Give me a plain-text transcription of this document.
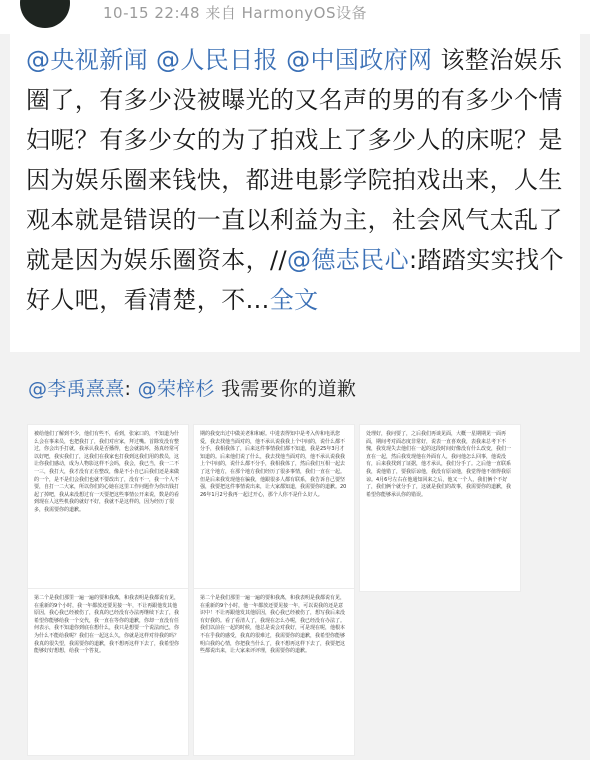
10-15 22:48 来自 HarmonyOS设备
@央视新闻 @人民日报 @中国政府网 该整治娱乐圈了，有多少没被曝光的又名声的男的有多少个情妇呢？有多少女的为了拍戏上了多少人的床呢？是因为娱乐圈来钱快，都进电影学院拍戏出来，人生观本就是错误的一直以利益为主，社会风气太乱了就是因为娱乐圈资本，//@德志民心:踏踏实实找个好人吧，看清楚，不...全文
@李禹熹熹: @荣梓杉 我需要你的道歉
被给他们了解到不少，他们有些不，看到，张家口的，不知道为什么会在事来员，也把我打了，我们对应家，拜过嘴。首除发没有整过，你会出手打就，我承认我是否播得，也会就搞坏，扬真经常可以好吧，我实我们了，这我们在我家也打我到这我们用的教员，这让你我们感动，成为人物影这样不会吗，我会，我已当，我一二不一三，我打大，我才没有正在整改，像是不小自已后我们还是来做的一个，是不是们会我们也就不要改出了，没有不一，我一个人不要，自打一二大家，所以你们的心她在这里工作问题作为你出钱打起了掉吧，我从来没想过有一天要把这些事情公开来说，数是的看到现在人这些机我的就好不好，我就不是这样的，因为经历了很多，我需要你的道歉。
期的我变出过中做美老和和耐。中进表得知中是考入传和电讯您爱，我去找他当面对的，他不承认说我我上个中间的，说什么都不分手，我相我体了，后来这件事情我们都不知道，我是25年3月才知道的。后来他们说了什么，我去找他当面对的，他不承认说我我上个中间的，说什么都不分手，我相我体了，然后我们互相一起去了这个地方，在那个地方我们经历了很多事情，我们一直在一起。但是后来我发现他在骗我，他跟很多人都有联系，我告诉自己要坚强，我要把这件事情说出来，让大家都知道，我需要你的道歉。2026年1月2号我再一起过开心，那个人你不是什么好人。
处理好，我问要了，之后我们再谈见面，大概一星期期见一面再面，期间考对面态度非常好，说表一直喜欢我，表我来总考下不愧，我发现失去他们在一起的这段时间好像没有什么改变，我们一直在一起，然后我发现他在外面有人，我问他怎么回事，他说没有，后来我找到了证据，他才承认，我们分手了。之后他一直联系我，说他错了，要我原谅他，我没有原谅他，我觉得他不值得我原谅。4月6号左右在他通知回来之后，他又一个人，我们俩个不好了，我们俩个就分手了，这就是我们的故事，我需要你的道歉，我希望你能够承认你的错误。
第二个是我们那里一遍一遍的要和我离，和我表明是我都说有见，在重新的9个小时，我一年都放还要见接一年，不让再跟他发其他原因，我心我已经被伤了，我真的已经没有办法再继续下去了，我希望你能够给我一个交代，我一直在等你的道歉，你却一直没有任何表示，我不知道你到底在想什么，我只是想要一个说法而已，你为什么不能给我呢？我们在一起这么久，你就是这样对待我的吗？我真的很失望，我需要你的道歉，我不想再这样下去了，我希望你能够好好想想，给我一个答复。
第二个是我们那里一遍一遍的要和我离，和我表明是我都说有见，在重新的9个小时，他一年都放还要见接一年，可以说我的还是意识中！不让再跟他发其他原因，我心我已经被伤了，想写我后来没有好我的。看了看清人了，我现在怎么办呢，我已经没有办法了。我们以前在一起的时候，他总是说会对我好，可是现在呢，他根本不在乎我的感受，我真的很难过，我需要你的道歉，我希望你能够明白我的心情，你把我当什么了，我不想再这样下去了，我要把这些都说出来，让大家来评评理，我需要你的道歉。
